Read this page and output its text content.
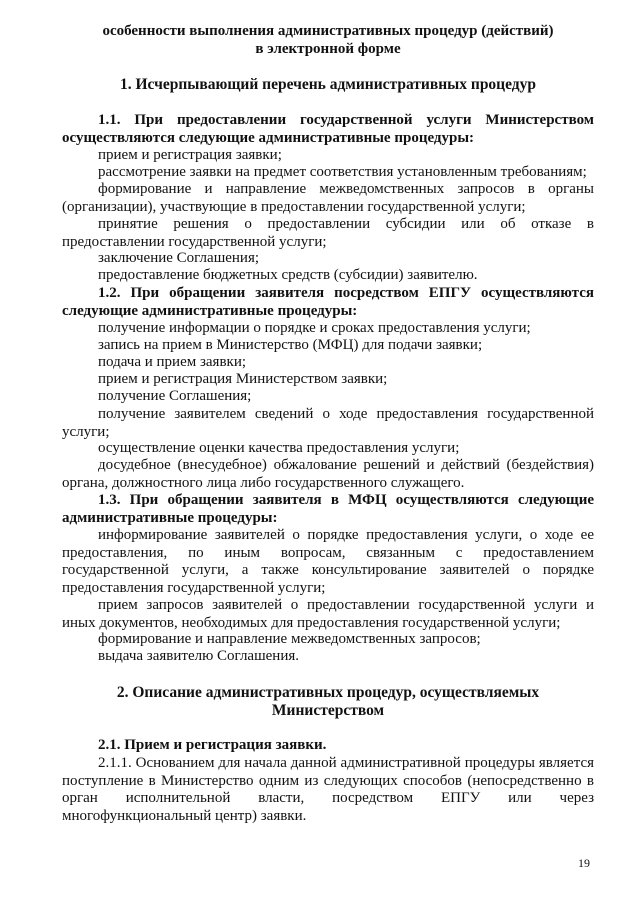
особенности выполнения административных процедур (действий)
в электронной форме
1. Исчерпывающий перечень административных процедур

1.1. При предоставлении государственной услуги Министерством осуществляются следующие административные процедуры:

прием и регистрация заявки;

рассмотрение заявки на предмет соответствия установленным требованиям;

формирование и направление межведомственных запросов в органы (организации), участвующие в предоставлении государственной услуги;

принятие решения о предоставлении субсидии или об отказе в предоставлении государственной услуги;

заключение Соглашения;

предоставление бюджетных средств (субсидии) заявителю.

1.2. При обращении заявителя посредством ЕПГУ осуществляются следующие административные процедуры:

получение информации о порядке и сроках предоставления услуги;

запись на прием в Министерство (МФЦ) для подачи заявки;

подача и прием заявки;

прием и регистрация Министерством заявки;

получение Соглашения;

получение заявителем сведений о ходе предоставления государственной услуги;

осуществление оценки качества предоставления услуги;

досудебное (внесудебное) обжалование решений и действий (бездействия) органа, должностного лица либо государственного служащего.

1.3. При обращении заявителя в МФЦ осуществляются следующие административные процедуры:

информирование заявителей о порядке предоставления услуги, о ходе ее предоставления, по иным вопросам, связанным с предоставлением государственной услуги, а также консультирование заявителей о порядке предоставления государственной услуги;

прием запросов заявителей о предоставлении государственной услуги и иных документов, необходимых для предоставления государственной услуги;

формирование и направление межведомственных запросов;

выдача заявителю Соглашения.

2. Описание административных процедур, осуществляемых
Министерством

2.1. Прием и регистрация заявки.

2.1.1. Основанием для начала данной административной процедуры является поступление в Министерство одним из следующих способов (непосредственно в орган исполнительной власти, посредством ЕПГУ или через многофункциональный центр) заявки.

19
